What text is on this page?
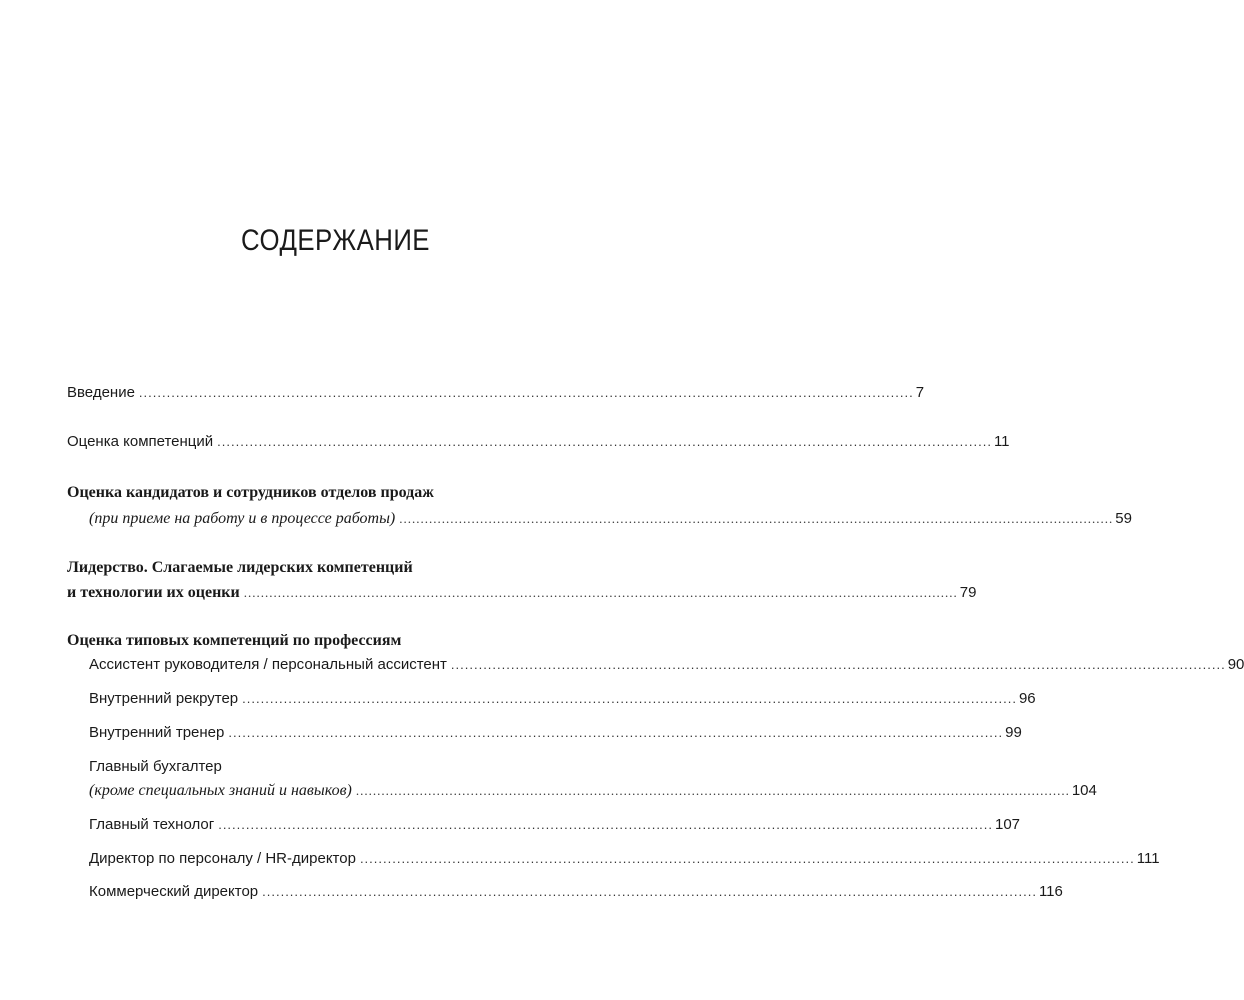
СОДЕРЖАНИЕ
Введение ........................................................................................................................................................................ 7
Оценка компетенций ........................................................................................................................................................................ 11
Оценка кандидатов и сотрудников отделов продаж
(при приеме на работу и в процессе работы) ........................................................................................................................................................................ 59
Лидерство. Слагаемые лидерских компетенций
и технологии их оценки ........................................................................................................................................................................ 79
Оценка типовых компетенций по профессиям
Ассистент руководителя / персональный ассистент ........................................................................................................................................................................ 90
Внутренний рекрутер ........................................................................................................................................................................ 96
Внутренний тренер ........................................................................................................................................................................ 99
Главный бухгалтер
(кроме специальных знаний и навыков) ........................................................................................................................................................................ 104
Главный технолог ........................................................................................................................................................................ 107
Директор по персоналу / HR-директор ........................................................................................................................................................................ 111
Коммерческий директор ........................................................................................................................................................................ 116
